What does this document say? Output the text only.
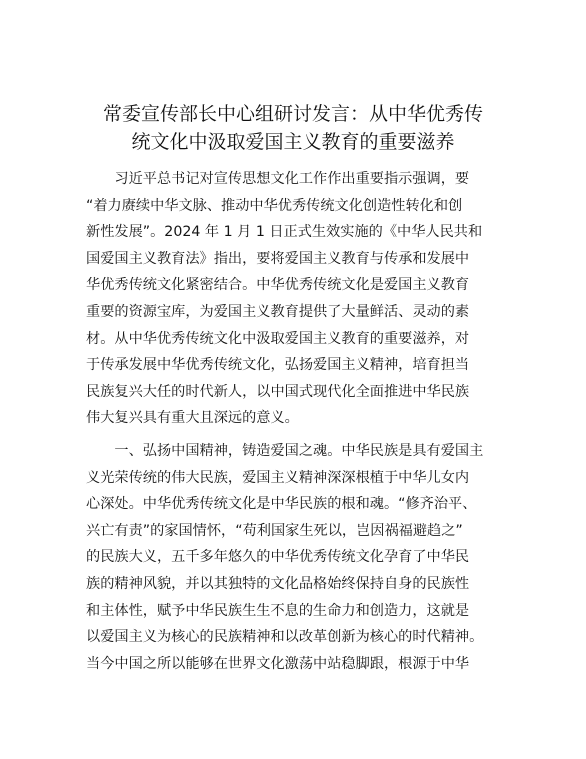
常委宣传部长中心组研讨发言：从中华优秀传
统文化中汲取爱国主义教育的重要滋养
　　习近平总书记对宣传思想文化工作作出重要指示强调，要
“着力赓续中华文脉、推动中华优秀传统文化创造性转化和创
新性发展”。2024 年 1 月 1 日正式生效实施的《中华人民共和
国爱国主义教育法》指出，要将爱国主义教育与传承和发展中
华优秀传统文化紧密结合。中华优秀传统文化是爱国主义教育
重要的资源宝库，为爱国主义教育提供了大量鲜活、灵动的素
材。从中华优秀传统文化中汲取爱国主义教育的重要滋养，对
于传承发展中华优秀传统文化，弘扬爱国主义精神，培育担当
民族复兴大任的时代新人，以中国式现代化全面推进中华民族
伟大复兴具有重大且深远的意义。
　　一、弘扬中国精神，铸造爱国之魂。中华民族是具有爱国主
义光荣传统的伟大民族，爱国主义精神深深根植于中华儿女内
心深处。中华优秀传统文化是中华民族的根和魂。“修齐治平、
兴亡有责”的家国情怀，“苟利国家生死以，岂因祸福避趋之”
的民族大义，五千多年悠久的中华优秀传统文化孕育了中华民
族的精神风貌，并以其独特的文化品格始终保持自身的民族性
和主体性，赋予中华民族生生不息的生命力和创造力，这就是
以爱国主义为核心的民族精神和以改革创新为核心的时代精神。
当今中国之所以能够在世界文化激荡中站稳脚跟，根源于中华
